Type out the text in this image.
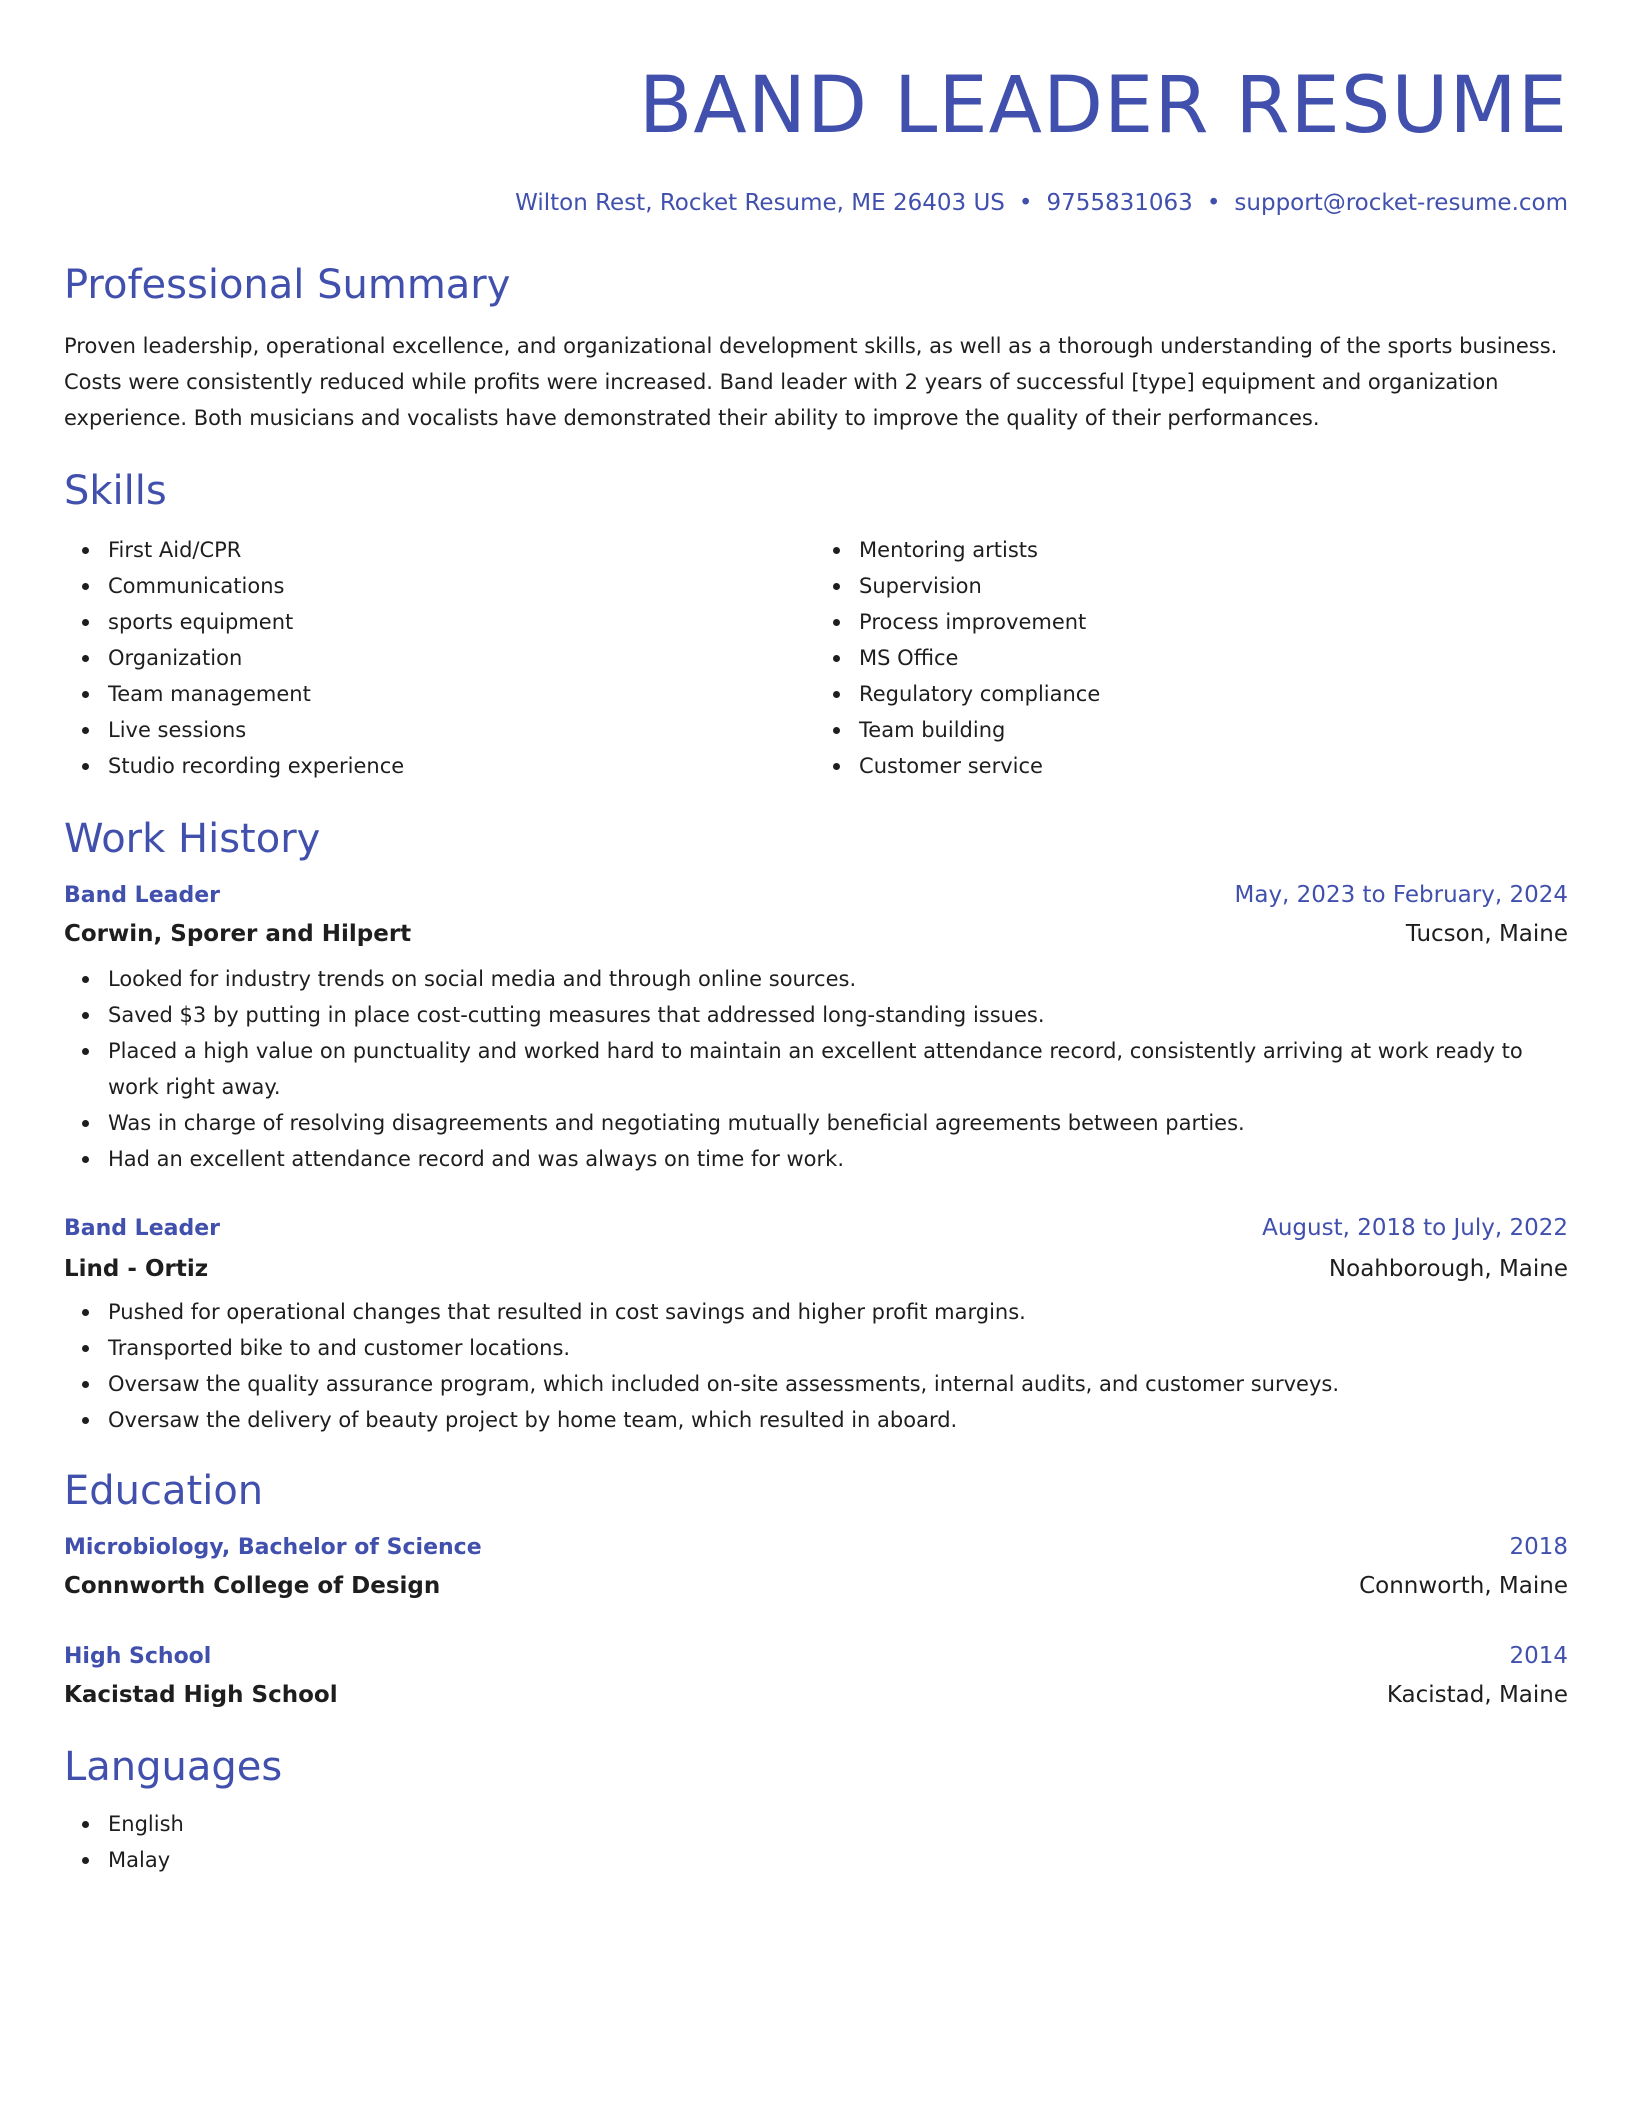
BAND LEADER RESUME
Wilton Rest, Rocket Resume, ME 26403 US • 9755831063 • support@rocket-resume.com
Professional Summary

Proven leadership, operational excellence, and organizational development skills, as well as a thorough understanding of the sports business. Costs were consistently reduced while profits were increased. Band leader with 2 years of successful [type] equipment and organization experience. Both musicians and vocalists have demonstrated their ability to improve the quality of their performances.

Skills
First Aid/CPR
Communications
sports equipment
Organization
Team management
Live sessions
Studio recording experience
Mentoring artists
Supervision
Process improvement
MS Office
Regulatory compliance
Team building
Customer service
Work History
Band Leader	May, 2023 to February, 2024
Corwin, Sporer and Hilpert	Tucson, Maine
Looked for industry trends on social media and through online sources.
Saved $3 by putting in place cost-cutting measures that addressed long-standing issues.
Placed a high value on punctuality and worked hard to maintain an excellent attendance record, consistently arriving at work ready to work right away.
Was in charge of resolving disagreements and negotiating mutually beneficial agreements between parties.
Had an excellent attendance record and was always on time for work.
Band Leader	August, 2018 to July, 2022
Lind - Ortiz	Noahborough, Maine
Pushed for operational changes that resulted in cost savings and higher profit margins.
Transported bike to and customer locations.
Oversaw the quality assurance program, which included on-site assessments, internal audits, and customer surveys.
Oversaw the delivery of beauty project by home team, which resulted in aboard.
Education
Microbiology, Bachelor of Science	2018
Connworth College of Design	Connworth, Maine
High School	2014
Kacistad High School	Kacistad, Maine
Languages
English
Malay
